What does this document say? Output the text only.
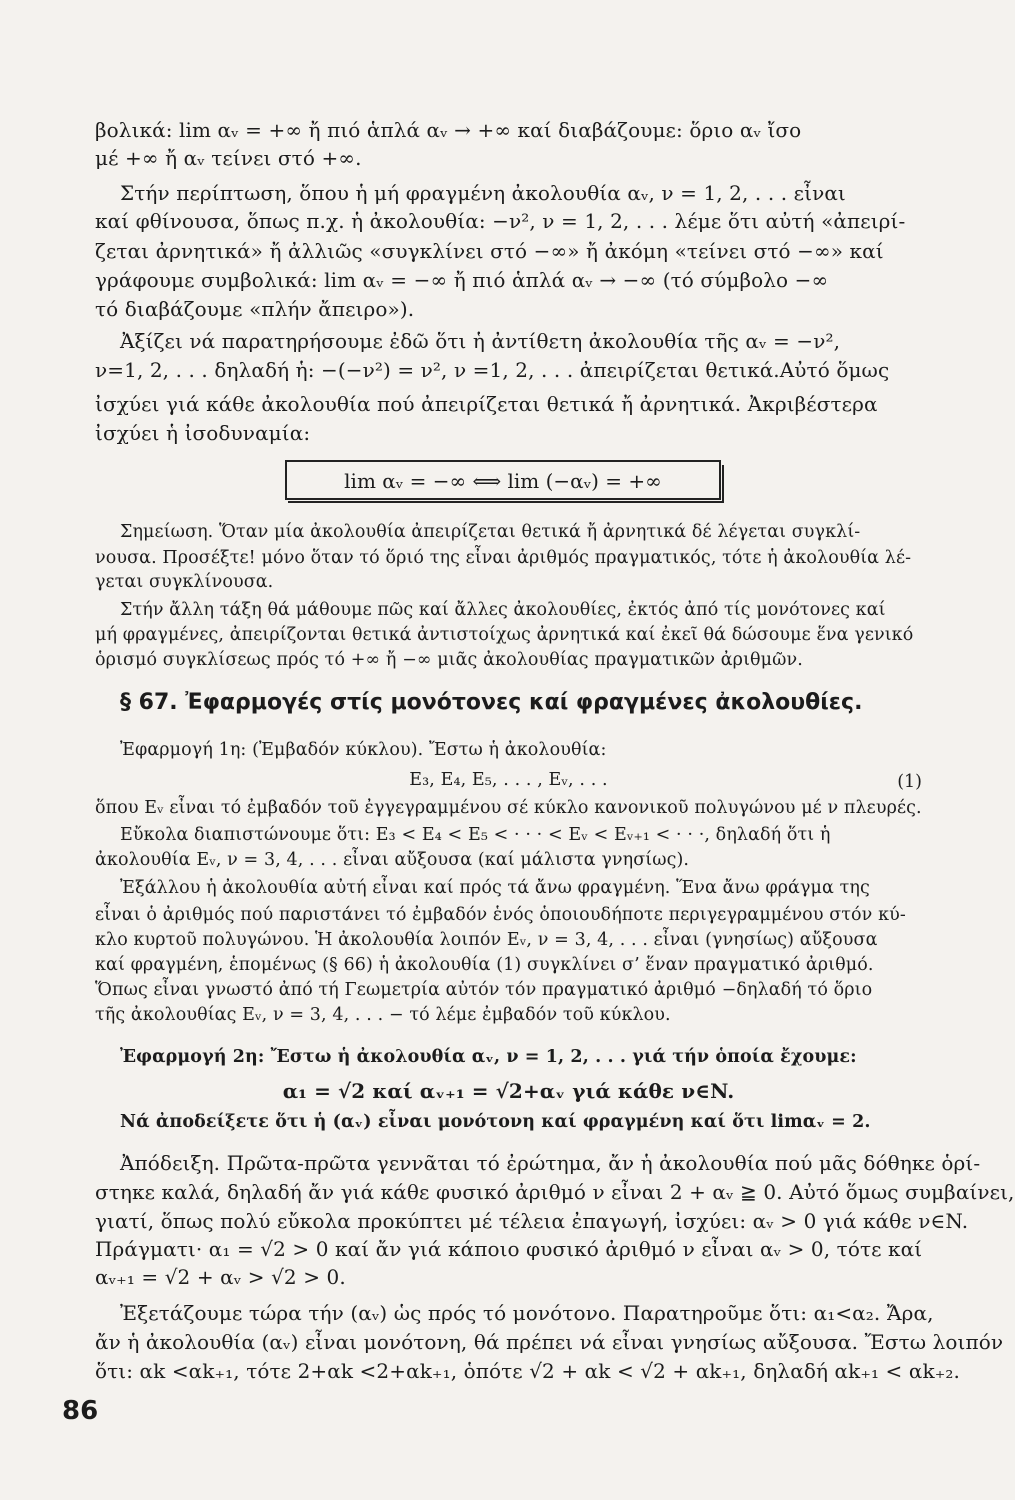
βολικά: lim αᵥ = +∞ ἤ πιό ἁπλά αᵥ → +∞ καί διαβάζουμε: ὅριο αᵥ ἴσο
μέ +∞ ἤ αᵥ τείνει στό +∞.
Στήν περίπτωση, ὅπου ἡ μή φραγμένη ἀκολουθία αᵥ, ν = 1, 2, . . . εἶναι
καί φθίνουσα, ὅπως π.χ. ἡ ἀκολουθία: −ν², ν = 1, 2, . . . λέμε ὅτι αὐτή «ἀπειρί-
ζεται ἀρνητικά» ἤ ἀλλιῶς «συγκλίνει στό −∞» ἤ ἀκόμη «τείνει στό −∞» καί
γράφουμε συμβολικά: lim αᵥ = −∞ ἤ πιό ἁπλά αᵥ → −∞ (τό σύμβολο −∞
τό διαβάζουμε «πλήν ἄπειρο»).
Ἀξίζει νά παρατηρήσουμε ἐδῶ ὅτι ἡ ἀντίθετη ἀκολουθία τῆς αᵥ = −ν²,
ν=1, 2, . . . δηλαδή ἡ: −(−ν²) = ν², ν =1, 2, . . . ἀπειρίζεται θετικά.Αὐτό ὅμως
ἰσχύει γιά κάθε ἀκολουθία πού ἀπειρίζεται θετικά ἤ ἀρνητικά. Ἀκριβέστερα
ἰσχύει ἡ ἰσοδυναμία:
lim αᵥ = −∞ ⟺ lim (−αᵥ) = +∞
Σημείωση. Ὅταν μία ἀκολουθία ἀπειρίζεται θετικά ἤ ἀρνητικά δέ λέγεται συγκλί-
νουσα. Προσέξτε! μόνο ὅταν τό ὅριό της εἶναι ἀριθμός πραγματικός, τότε ἡ ἀκολουθία λέ-
γεται συγκλίνουσα.
Στήν ἄλλη τάξη θά μάθουμε πῶς καί ἄλλες ἀκολουθίες, ἐκτός ἀπό τίς μονότονες καί
μή φραγμένες, ἀπειρίζονται θετικά ἀντιστοίχως ἀρνητικά καί ἐκεῖ θά δώσουμε ἕνα γενικό
ὁρισμό συγκλίσεως πρός τό +∞ ἤ −∞ μιᾶς ἀκολουθίας πραγματικῶν ἀριθμῶν.
§ 67. Ἐφαρμογές στίς μονότονες καί φραγμένες ἀκολουθίες.
Ἐφαρμογή 1η: (Ἐμβαδόν κύκλου). Ἔστω ἡ ἀκολουθία:
E₃, E₄, E₅, . . . , Eᵥ, . . .	(1)
ὅπου Eᵥ εἶναι τό ἐμβαδόν τοῦ ἐγγεγραμμένου σέ κύκλο κανονικοῦ πολυγώνου μέ ν πλευρές.
Εὔκολα διαπιστώνουμε ὅτι: E₃ < E₄ < E₅ < · · · < Eᵥ < Eᵥ₊₁ < · · ·, δηλαδή ὅτι ἡ
ἀκολουθία Eᵥ, ν = 3, 4, . . . εἶναι αὔξουσα (καί μάλιστα γνησίως).
Ἐξάλλου ἡ ἀκολουθία αὐτή εἶναι καί πρός τά ἄνω φραγμένη. Ἕνα ἄνω φράγμα της
εἶναι ὁ ἀριθμός πού παριστάνει τό ἐμβαδόν ἑνός ὁποιουδήποτε περιγεγραμμένου στόν κύ-
κλο κυρτοῦ πολυγώνου. Ἡ ἀκολουθία λοιπόν Eᵥ, ν = 3, 4, . . . εἶναι (γνησίως) αὔξουσα
καί φραγμένη, ἑπομένως (§ 66) ἡ ἀκολουθία (1) συγκλίνει σ’ ἕναν πραγματικό ἀριθμό.
Ὅπως εἶναι γνωστό ἀπό τή Γεωμετρία αὐτόν τόν πραγματικό ἀριθμό −δηλαδή τό ὅριο
τῆς ἀκολουθίας Eᵥ, ν = 3, 4, . . . − τό λέμε ἐμβαδόν τοῦ κύκλου.
Ἐφαρμογή 2η: Ἔστω ἡ ἀκολουθία αᵥ, ν = 1, 2, . . . γιά τήν ὁποία ἔχουμε:
α₁ = √2 καί αᵥ₊₁ = √2+αᵥ γιά κάθε ν∈N.
Νά ἀποδείξετε ὅτι ἡ (αᵥ) εἶναι μονότονη καί φραγμένη καί ὅτι limαᵥ = 2.
Ἀπόδειξη. Πρῶτα-πρῶτα γεννᾶται τό ἐρώτημα, ἄν ἡ ἀκολουθία πού μᾶς δόθηκε ὁρί-
στηκε καλά, δηλαδή ἄν γιά κάθε φυσικό ἀριθμό ν εἶναι 2 + αᵥ ≧ 0. Αὐτό ὅμως συμβαίνει,
γιατί, ὅπως πολύ εὔκολα προκύπτει μέ τέλεια ἐπαγωγή, ἰσχύει: αᵥ > 0 γιά κάθε ν∈N.
Πράγματι· α₁ = √2 > 0 καί ἄν γιά κάποιο φυσικό ἀριθμό ν εἶναι αᵥ > 0, τότε καί
αᵥ₊₁ = √2 + αᵥ > √2 > 0.
Ἐξετάζουμε τώρα τήν (αᵥ) ὡς πρός τό μονότονο. Παρατηροῦμε ὅτι: α₁<α₂. Ἄρα,
ἄν ἡ ἀκολουθία (αᵥ) εἶναι μονότονη, θά πρέπει νά εἶναι γνησίως αὔξουσα. Ἔστω λοιπόν
ὅτι: αk <αk₊₁, τότε 2+αk <2+αk₊₁, ὁπότε √2 + αk < √2 + αk₊₁, δηλαδή αk₊₁ < αk₊₂.
86
